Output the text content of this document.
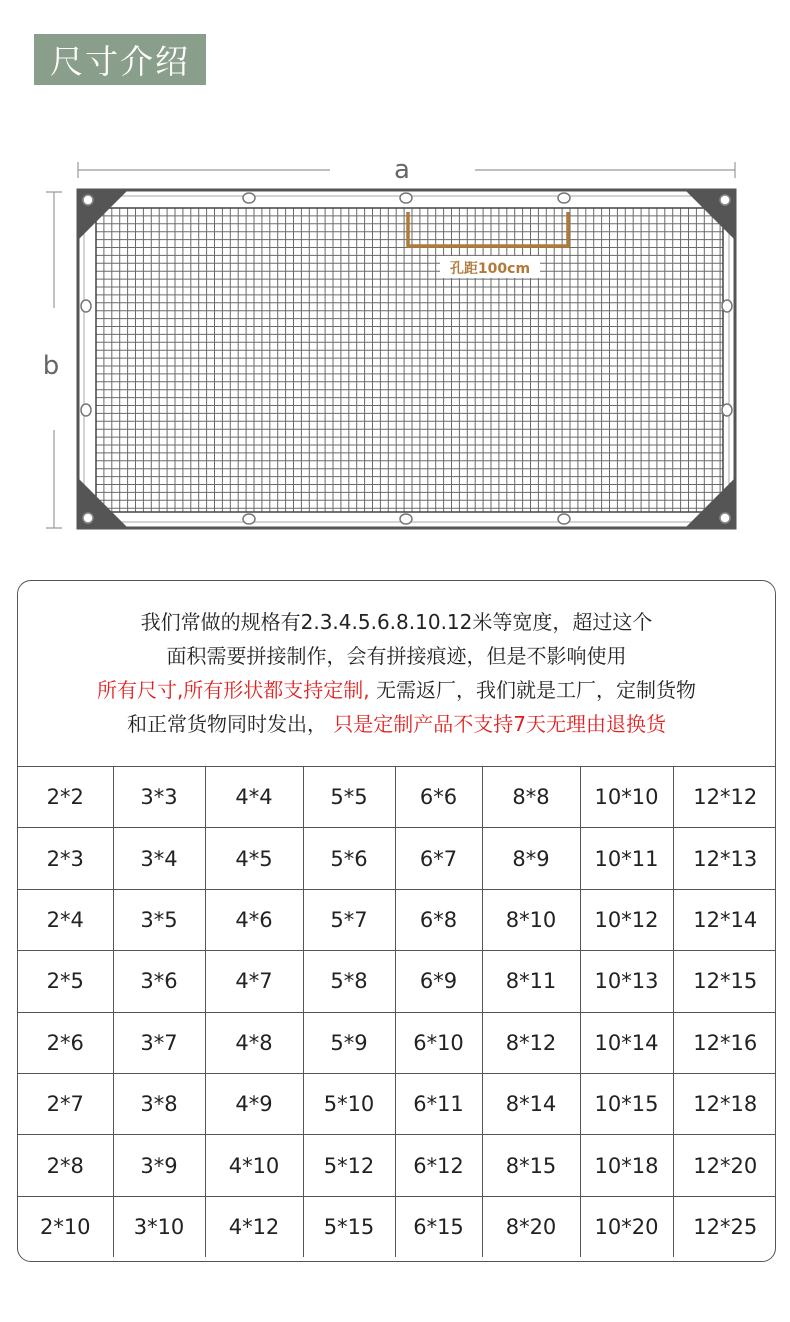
尺寸介绍
a
b
孔距100cm
我们常做的规格有2.3.4.5.6.8.10.12米等宽度，超过这个
面积需要拼接制作，会有拼接痕迹，但是不影响使用
所有尺寸,所有形状都支持定制, 无需返厂，我们就是工厂，定制货物
和正常货物同时发出， 只是定制产品不支持7天无理由退换货
2*2	3*3	4*4	5*5	6*6	8*8	10*10	12*12
2*3	3*4	4*5	5*6	6*7	8*9	10*11	12*13
2*4	3*5	4*6	5*7	6*8	8*10	10*12	12*14
2*5	3*6	4*7	5*8	6*9	8*11	10*13	12*15
2*6	3*7	4*8	5*9	6*10	8*12	10*14	12*16
2*7	3*8	4*9	5*10	6*11	8*14	10*15	12*18
2*8	3*9	4*10	5*12	6*12	8*15	10*18	12*20
2*10	3*10	4*12	5*15	6*15	8*20	10*20	12*25
